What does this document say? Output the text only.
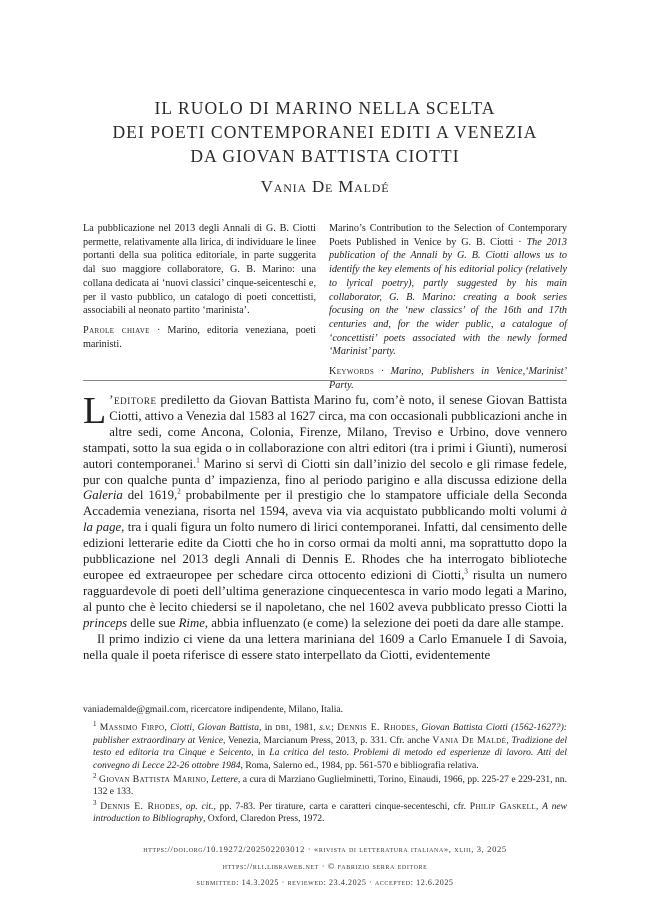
IL RUOLO DI MARINO NELLA SCELTA
DEI POETI CONTEMPORANEI EDITI A VENEZIA
DA GIOVAN BATTISTA CIOTTI
Vania De Maldé
La pubblicazione nel 2013 degli Annali di G. B. Ciotti permette, relativamente alla lirica, di individuare le linee portanti della sua politica editoriale, in parte suggerita dal suo maggiore collaboratore, G. B. Marino: una collana dedicata ai ‘nuovi classici’ cinque-seicenteschi e, per il vasto pubblico, un catalogo di poeti concettisti, associabili al neonato partito ‘marinista’.
Parole chiave · Marino, editoria veneziana, poeti marinisti.
Marino’s Contribution to the Selection of Contemporary Poets Published in Venice by G. B. Ciotti · The 2013 publication of the Annali by G. B. Ciotti allows us to identify the key elements of his editorial policy (relatively to lyrical poetry), partly suggested by his main collaborator, G. B. Marino: creating a book series focusing on the ‘new classics’ of the 16th and 17th centuries and, for the wider public, a catalogue of ‘concettisti’ poets associated with the newly formed ‘Marinist’ party.
Keywords · Marino, Publishers in Venice,‘Marinist’ Party.

L ’editore prediletto da Giovan Battista Marino fu, com’è noto, il senese Giovan Battista Ciotti, attivo a Venezia dal 1583 al 1627 circa, ma con occasionali pubblicazioni anche in altre sedi, come Ancona, Colonia, Firenze, Milano, Treviso e Urbino, dove vennero stampati, sotto la sua egida o in collaborazione con altri editori (tra i primi i Giunti), numerosi autori contemporanei.$^1$ Marino si servì di Ciotti sin dall’inizio del secolo e gli rimase fedele, pur con qualche punta d’ impazienza, fino al periodo parigino e alla discussa edizione della Galeria del 1619,$^2$ probabilmente per il prestigio che lo stampatore ufficiale della Seconda Accademia veneziana, risorta nel 1594, aveva via via acquistato pubblicando molti volumi à la page, tra i quali figura un folto numero di lirici contemporanei. Infatti, dal censimento delle edizioni letterarie edite da Ciotti che ho in corso ormai da molti anni, ma soprattutto dopo la pubblicazione nel 2013 degli Annali di Dennis E. Rhodes che ha interrogato biblioteche europee ed extraeuropee per schedare circa ottocento edizioni di Ciotti,$^3$ risulta un numero ragguardevole di poeti dell’ultima generazione cinquecentesca in vario modo legati a Marino, al punto che è lecito chiedersi se il napoletano, che nel 1602 aveva pubblicato presso Ciotti la princeps delle sue Rime, abbia influenzato (e come) la selezione dei poeti da dare alle stampe.

Il primo indizio ci viene da una lettera mariniana del 1609 a Carlo Emanuele I di Savoia, nella quale il poeta riferisce di essere stato interpellato da Ciotti, evidentemente

vaniademalde@gmail.com, ricercatore indipendente, Milano, Italia.

$^1$ Massimo Firpo, Ciotti, Giovan Battista, in dbi, 1981, s.v.; Dennis E. Rhodes, Giovan Battista Ciotti (1562-1627?): publisher extraordinary at Venice, Venezia, Marcianum Press, 2013, p. 331. Cfr. anche Vania De Maldé, Tradizione del testo ed editoria tra Cinque e Seicento, in La critica del testo. Problemi di metodo ed esperienze di lavoro. Atti del convegno di Lecce 22-26 ottobre 1984, Roma, Salerno ed., 1984, pp. 561-570 e bibliografia relativa.

$^2$ Giovan Battista Marino, Lettere, a cura di Marziano Guglielminetti, Torino, Einaudi, 1966, pp. 225-27 e 229-231, nn. 132 e 133.

$^3$ Dennis E. Rhodes, op. cit., pp. 7-83. Per tirature, carta e caratteri cinque-secenteschi, cfr. Philip Gaskell, A new introduction to Bibliography, Oxford, Claredon Press, 1972.

https://doi.org/10.19272/202502203012 · «rivista di letteratura italiana», xliii, 3, 2025
https://rli.libraweb.net · © fabrizio serra editore
submitted: 14.3.2025 · reviewed: 23.4.2025 · accepted: 12.6.2025
